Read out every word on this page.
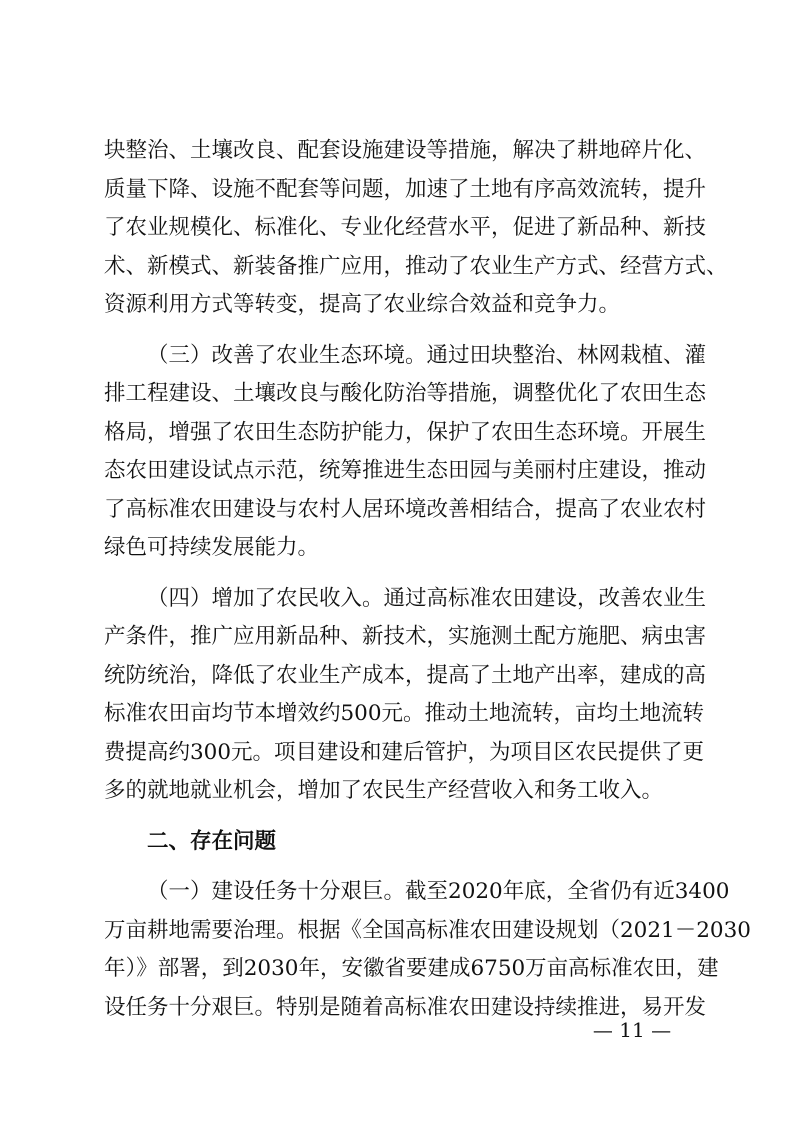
块整治、土壤改良、配套设施建设等措施，解决了耕地碎片化、
质量下降、设施不配套等问题，加速了土地有序高效流转，提升
了农业规模化、标准化、专业化经营水平，促进了新品种、新技
术、新模式、新装备推广应用，推动了农业生产方式、经营方式、
资源利用方式等转变，提高了农业综合效益和竞争力。
（三）改善了农业生态环境。通过田块整治、林网栽植、灌
排工程建设、土壤改良与酸化防治等措施，调整优化了农田生态
格局，增强了农田生态防护能力，保护了农田生态环境。开展生
态农田建设试点示范，统筹推进生态田园与美丽村庄建设，推动
了高标准农田建设与农村人居环境改善相结合，提高了农业农村
绿色可持续发展能力。
（四）增加了农民收入。通过高标准农田建设，改善农业生
产条件，推广应用新品种、新技术，实施测土配方施肥、病虫害
统防统治，降低了农业生产成本，提高了土地产出率，建成的高
标准农田亩均节本增效约500元。推动土地流转，亩均土地流转
费提高约300元。项目建设和建后管护，为项目区农民提供了更
多的就地就业机会，增加了农民生产经营收入和务工收入。
二、存在问题
（一）建设任务十分艰巨。截至2020年底，全省仍有近3400
万亩耕地需要治理。根据《全国高标准农田建设规划（2021－2030
年）》部署，到2030年，安徽省要建成6750万亩高标准农田，建
设任务十分艰巨。特别是随着高标准农田建设持续推进，易开发
— 11 —
